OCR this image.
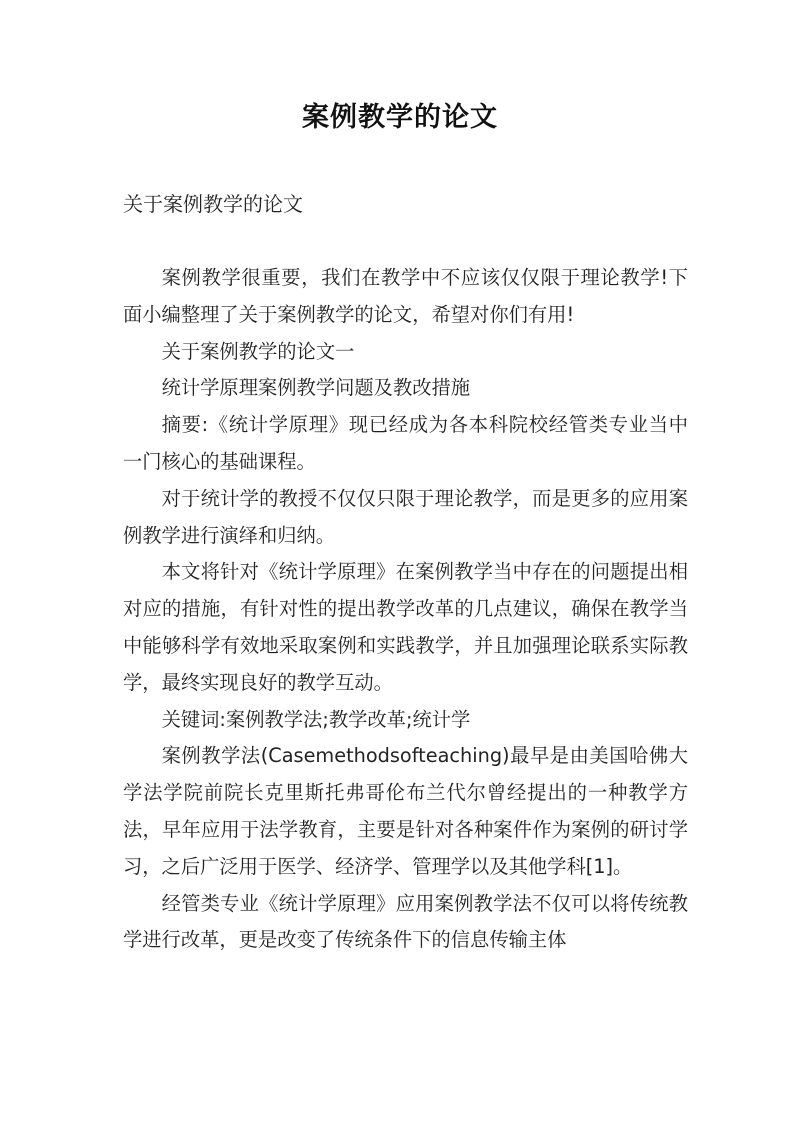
案例教学的论文
关于案例教学的论文

案例教学很重要，我们在教学中不应该仅仅限于理论教学!下面小编整理了关于案例教学的论文，希望对你们有用!

关于案例教学的论文一

统计学原理案例教学问题及教改措施

摘要:《统计学原理》现已经成为各本科院校经管类专业当中一门核心的基础课程。

对于统计学的教授不仅仅只限于理论教学，而是更多的应用案例教学进行演绎和归纳。

本文将针对《统计学原理》在案例教学当中存在的问题提出相对应的措施，有针对性的提出教学改革的几点建议，确保在教学当中能够科学有效地采取案例和实践教学，并且加强理论联系实际教学，最终实现良好的教学互动。

关键词:案例教学法;教学改革;统计学

案例教学法(Casemethodsofteaching)最早是由美国哈佛大学法学院前院长克里斯托弗哥伦布兰代尔曾经提出的一种教学方法，早年应用于法学教育，主要是针对各种案件作为案例的研讨学习，之后广泛用于医学、经济学、管理学以及其他学科[1]。

经管类专业《统计学原理》应用案例教学法不仅可以将传统教学进行改革，更是改变了传统条件下的信息传输主体
